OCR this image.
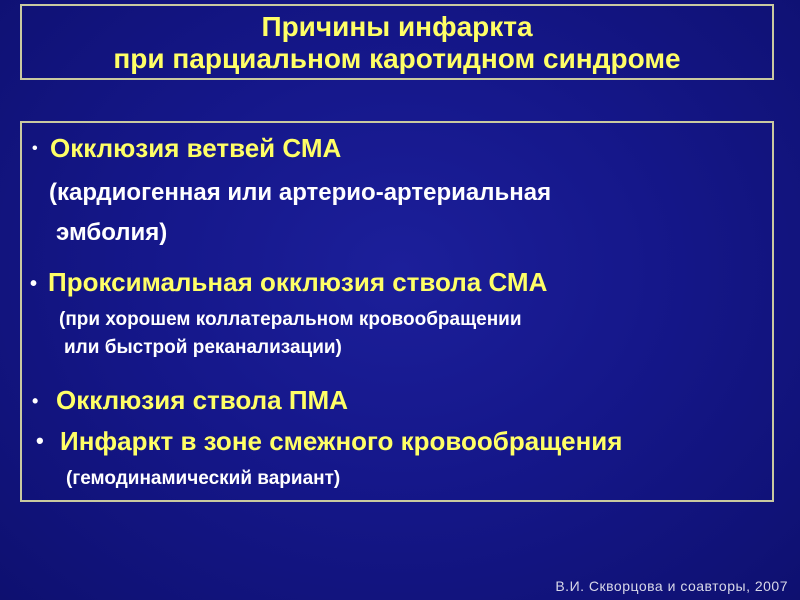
Причины инфаркта
при парциальном каротидном синдроме
• Окклюзия ветвей СМА
(кардиогенная или артерио-артериальная
эмболия)
• Проксимальная окклюзия ствола СМА
(при хорошем коллатеральном кровообращении
или быстрой реканализации)
• Окклюзия ствола ПМА
• Инфаркт в зоне смежного кровообращения
(гемодинамический вариант)
В.И. Скворцова и соавторы, 2007
